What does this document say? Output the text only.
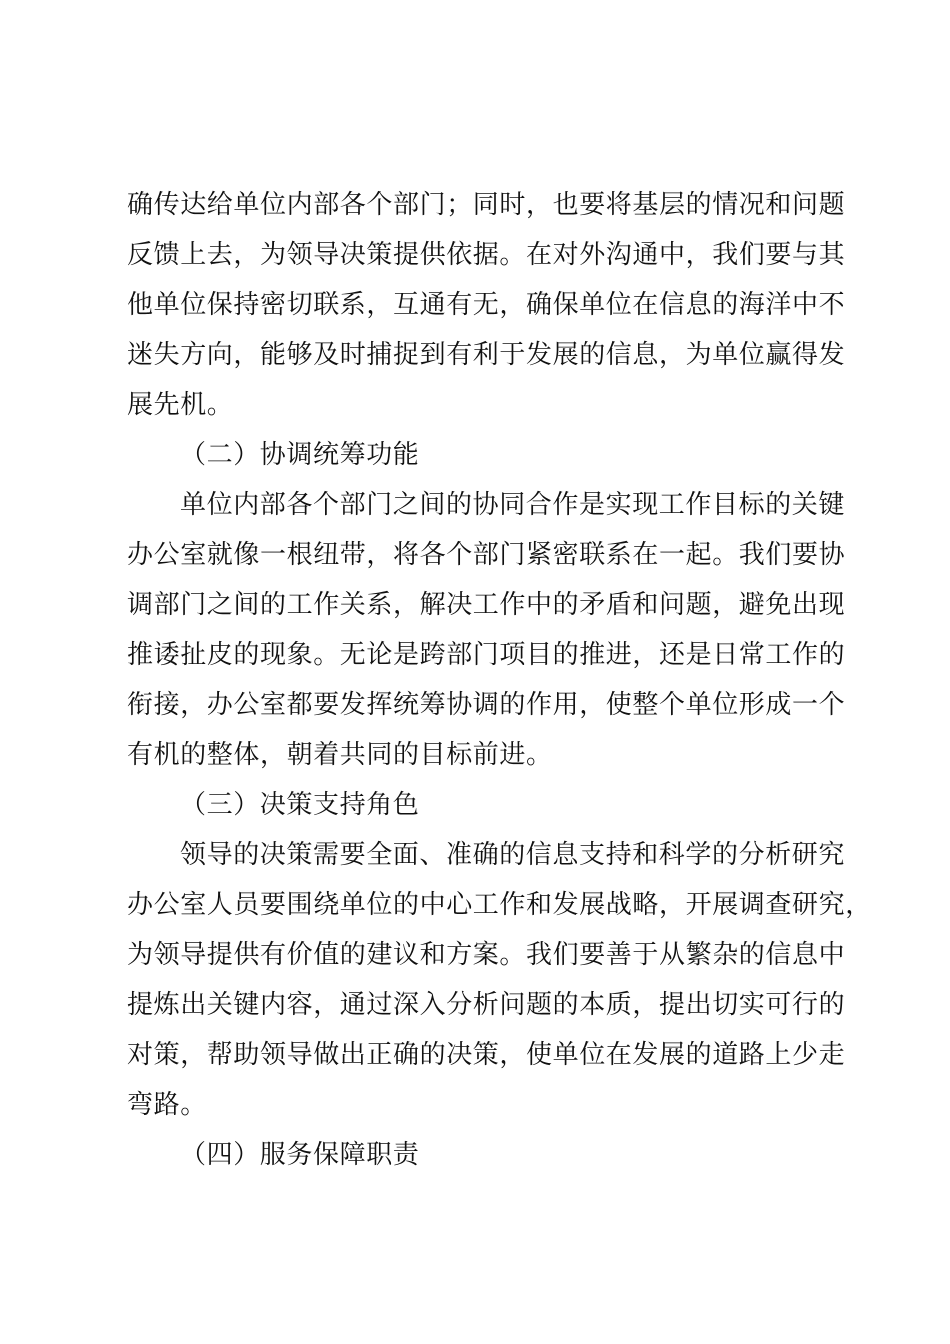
确传达给单位内部各个部门；同时，也要将基层的情况和问题
反馈上去，为领导决策提供依据。在对外沟通中，我们要与其
他单位保持密切联系，互通有无，确保单位在信息的海洋中不
迷失方向，能够及时捕捉到有利于发展的信息，为单位赢得发
展先机。
（二）协调统筹功能
单位内部各个部门之间的协同合作是实现工作目标的关键
办公室就像一根纽带，将各个部门紧密联系在一起。我们要协
调部门之间的工作关系，解决工作中的矛盾和问题，避免出现
推诿扯皮的现象。无论是跨部门项目的推进，还是日常工作的
衔接，办公室都要发挥统筹协调的作用，使整个单位形成一个
有机的整体，朝着共同的目标前进。
（三）决策支持角色
领导的决策需要全面、准确的信息支持和科学的分析研究
办公室人员要围绕单位的中心工作和发展战略，开展调查研究，
为领导提供有价值的建议和方案。我们要善于从繁杂的信息中
提炼出关键内容，通过深入分析问题的本质，提出切实可行的
对策，帮助领导做出正确的决策，使单位在发展的道路上少走
弯路。
（四）服务保障职责
